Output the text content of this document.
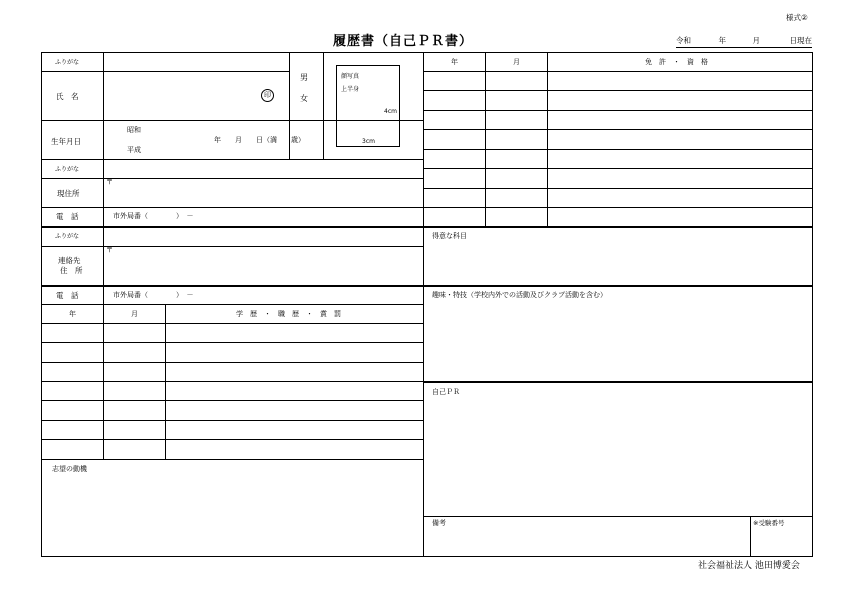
様式②
履歴書（自己ＰＲ書）	令和	年	月	日現在
ふりがな
氏　名	印
男
女
顔写真
上半身
4cm
3cm
生年月日
昭和
平成
年　　月　　日（満　　歳）
ふりがな
〒
現住所
電　話	市外局番（　　　　）　－
ふりがな
〒
連絡先
住　所
電　話	市外局番（　　　　）　－
年	月	学　歴　・　職　歴　・　賞　罰
志望の動機
年	月	免　許　・　資　格
得意な科目
趣味・特技（学校内外での活動及びクラブ活動を含む）
自己ＰＲ
備考	※受験番号
社会福祉法人 池田博愛会
